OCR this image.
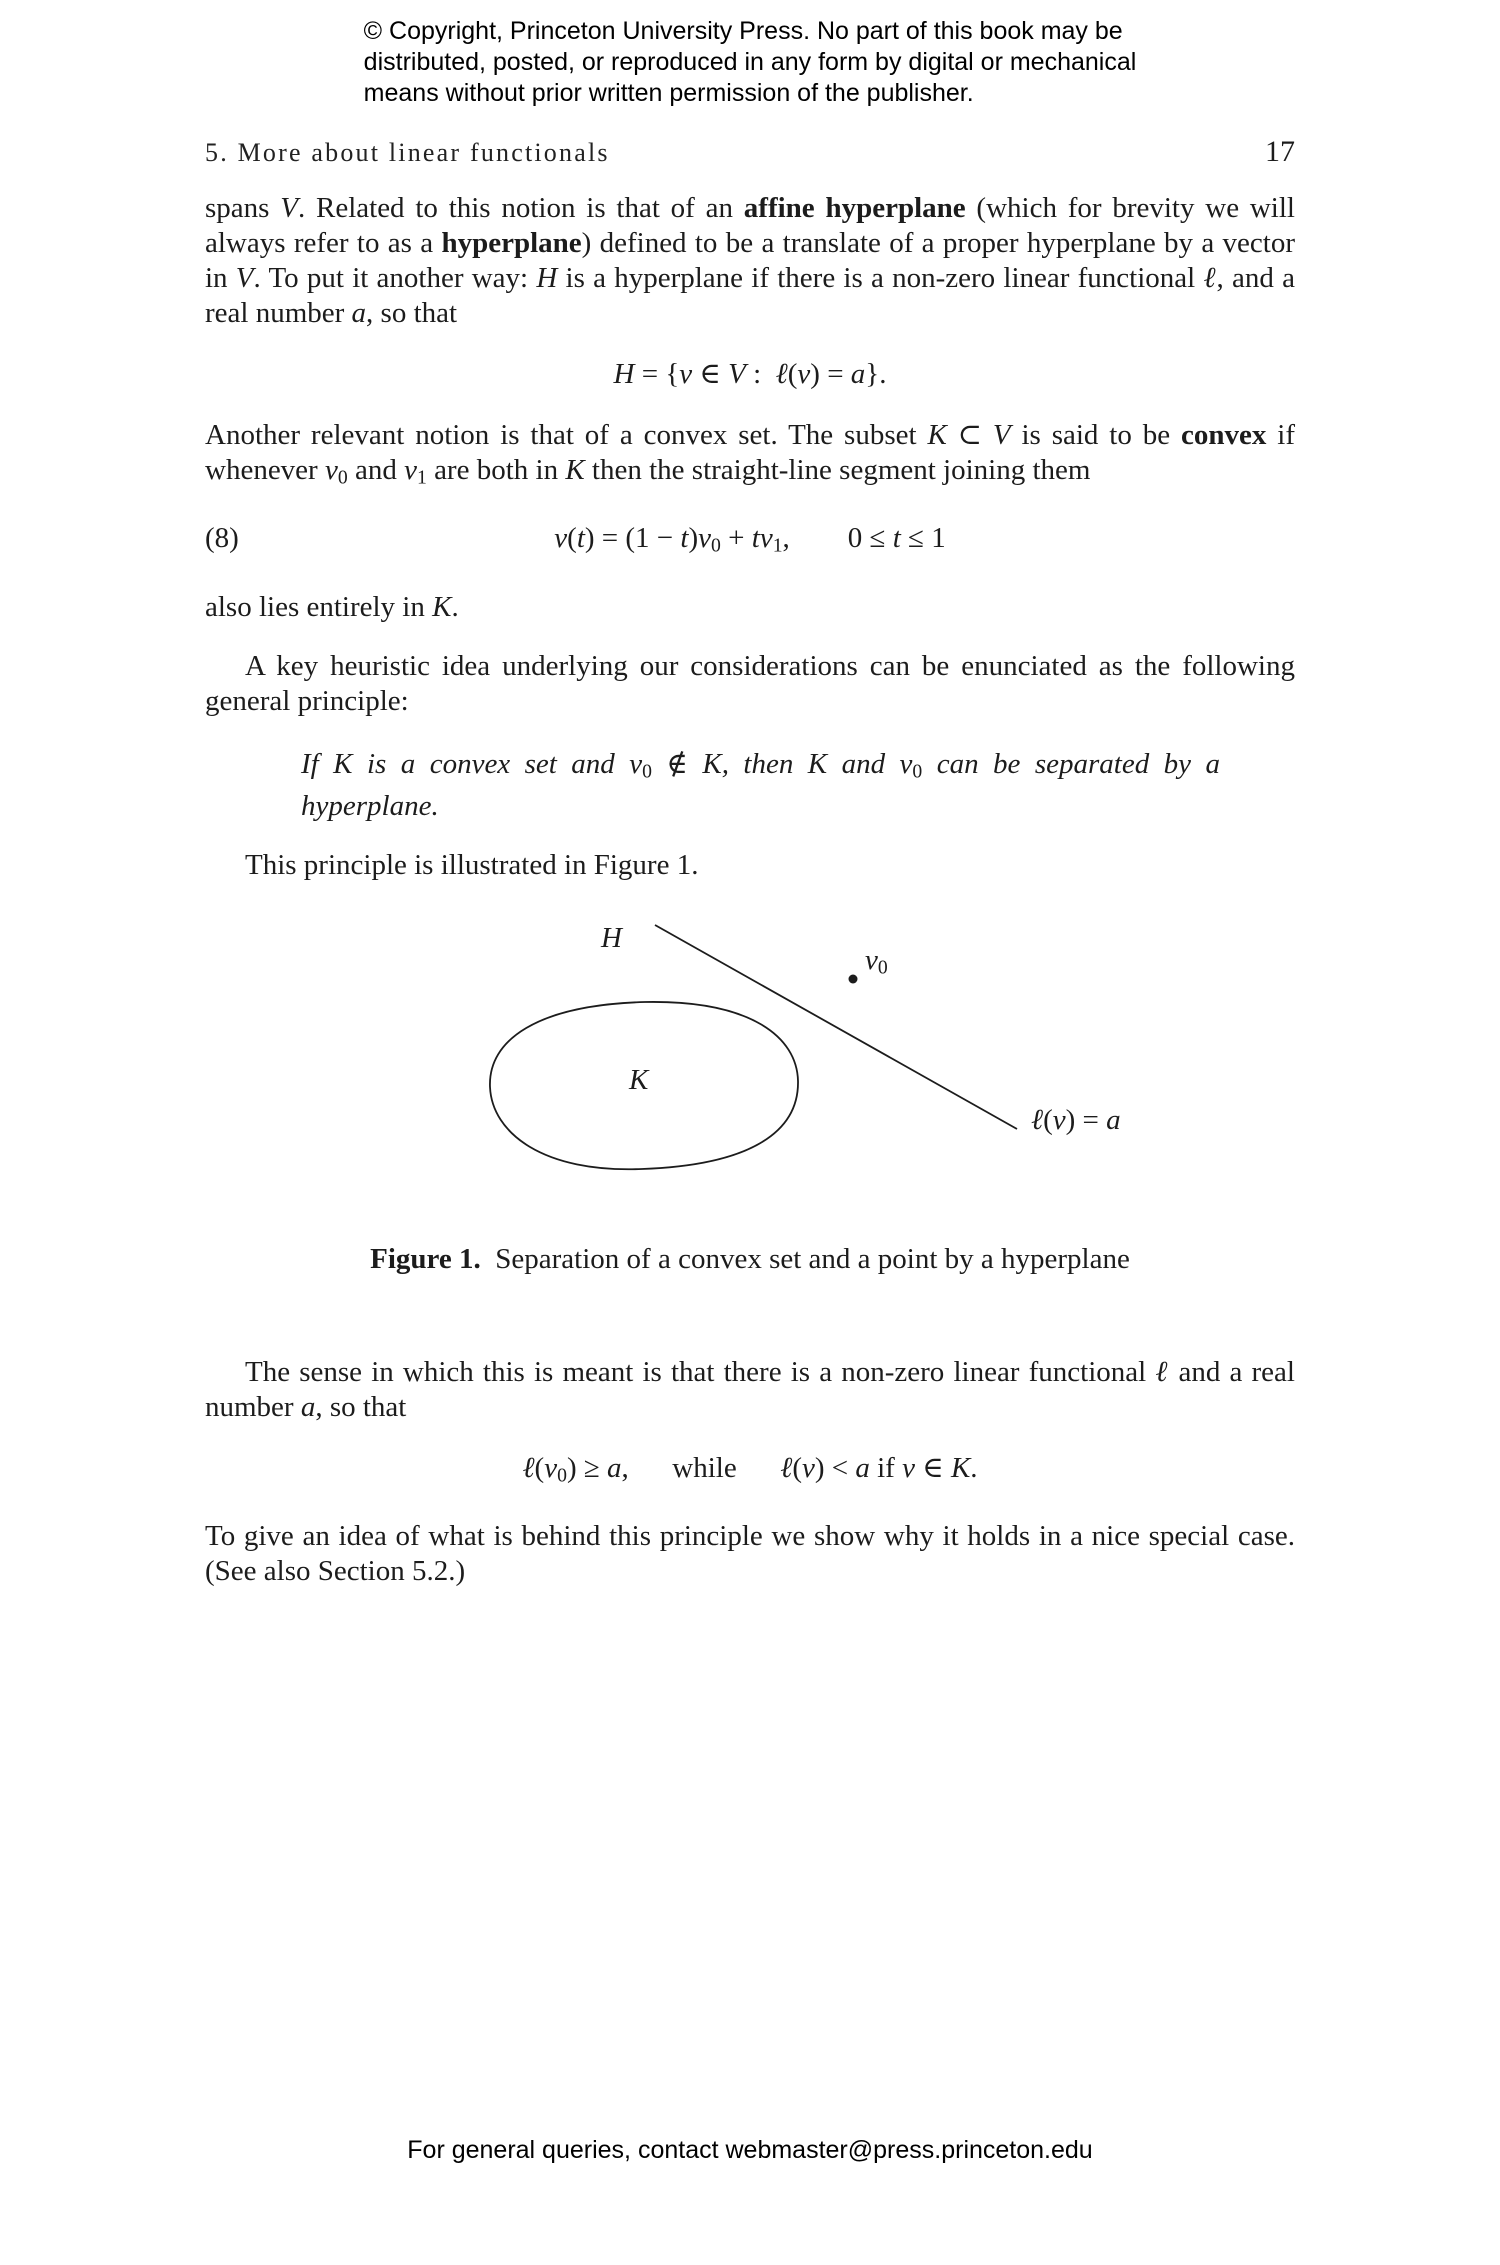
© Copyright, Princeton University Press. No part of this book may be
distributed, posted, or reproduced in any form by digital or mechanical
means without prior written permission of the publisher.
5. More about linear functionals	17

spans V. Related to this notion is that of an affine hyperplane (which for brevity we will always refer to as a hyperplane) defined to be a translate of a proper hyperplane by a vector in V. To put it another way: H is a hyperplane if there is a non-zero linear functional ℓ, and a real number a, so that

H = {v ∈ V : ℓ(v) = a}.

Another relevant notion is that of a convex set. The subset K ⊂ V is said to be convex if whenever v0 and v1 are both in K then the straight-line segment joining them

(8)	v(t) = (1 − t)v0 + tv1,   0 ≤ t ≤ 1

also lies entirely in K.

A key heuristic idea underlying our considerations can be enunciated as the following general principle:

If K is a convex set and v0 ∉ K, then K and v0 can be separated by a hyperplane.

This principle is illustrated in Figure 1.

H
v0
K
ℓ(v) = a
Figure 1. Separation of a convex set and a point by a hyperplane

The sense in which this is meant is that there is a non-zero linear functional ℓ and a real number a, so that

ℓ(v0) ≥ a,   while   ℓ(v) < a if v ∈ K.

To give an idea of what is behind this principle we show why it holds in a nice special case. (See also Section 5.2.)

For general queries, contact webmaster@press.princeton.edu
